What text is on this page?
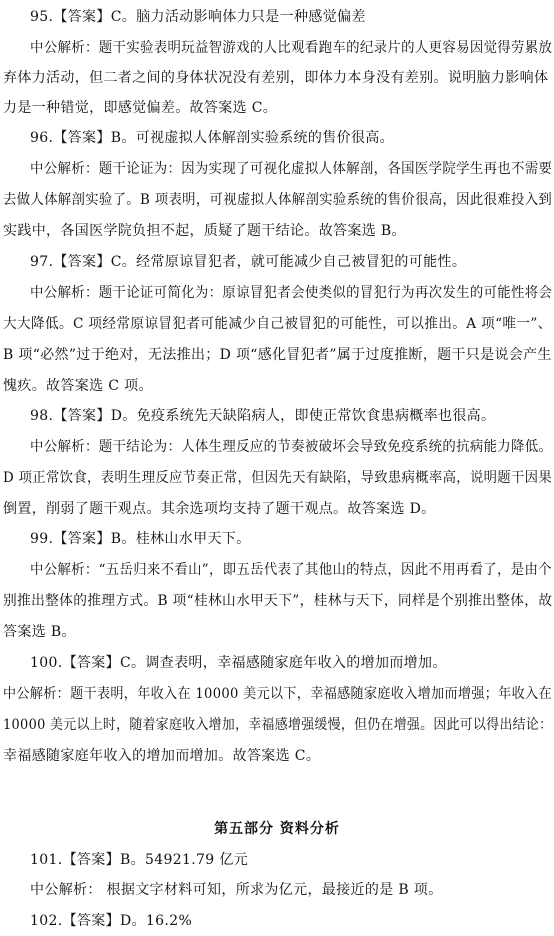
95.【答案】C。脑力活动影响体力只是一种感觉偏差
中公解析：题干实验表明玩益智游戏的人比观看跑车的纪录片的人更容易因觉得劳累放
弃体力活动，但二者之间的身体状况没有差别，即体力本身没有差别。说明脑力影响体
力是一种错觉，即感觉偏差。故答案选 C。
96.【答案】B。可视虚拟人体解剖实验系统的售价很高。
中公解析：题干论证为：因为实现了可视化虚拟人体解剖，各国医学院学生再也不需要
去做人体解剖实验了。B 项表明，可视虚拟人体解剖实验系统的售价很高，因此很难投入到
实践中，各国医学院负担不起，质疑了题干结论。故答案选 B。
97.【答案】C。经常原谅冒犯者，就可能减少自己被冒犯的可能性。
中公解析：题干论证可简化为：原谅冒犯者会使类似的冒犯行为再次发生的可能性将会
大大降低。C 项经常原谅冒犯者可能减少自己被冒犯的可能性，可以推出。A 项“唯一”、
B 项“必然”过于绝对，无法推出；D 项“感化冒犯者”属于过度推断，题干只是说会产生
愧疚。故答案选 C 项。
98.【答案】D。免疫系统先天缺陷病人，即使正常饮食患病概率也很高。
中公解析：题干结论为：人体生理反应的节奏被破坏会导致免疫系统的抗病能力降低。
D 项正常饮食，表明生理反应节奏正常，但因先天有缺陷，导致患病概率高，说明题干因果
倒置，削弱了题干观点。其余选项均支持了题干观点。故答案选 D。
99.【答案】B。桂林山水甲天下。
中公解析：“五岳归来不看山”，即五岳代表了其他山的特点，因此不用再看了，是由个
别推出整体的推理方式。B 项“桂林山水甲天下”，桂林与天下，同样是个别推出整体，故
答案选 B。
100.【答案】C。调查表明，幸福感随家庭年收入的增加而增加。
中公解析：题干表明，年收入在 10000 美元以下，幸福感随家庭收入增加而增强；年收入在
10000 美元以上时，随着家庭收入增加，幸福感增强缓慢，但仍在增强。因此可以得出结论：
幸福感随家庭年收入的增加而增加。故答案选 C。
第五部分 资料分析
101.【答案】B。54921.79 亿元
中公解析： 根据文字材料可知，所求为亿元，最接近的是 B 项。
102.【答案】D。16.2%
